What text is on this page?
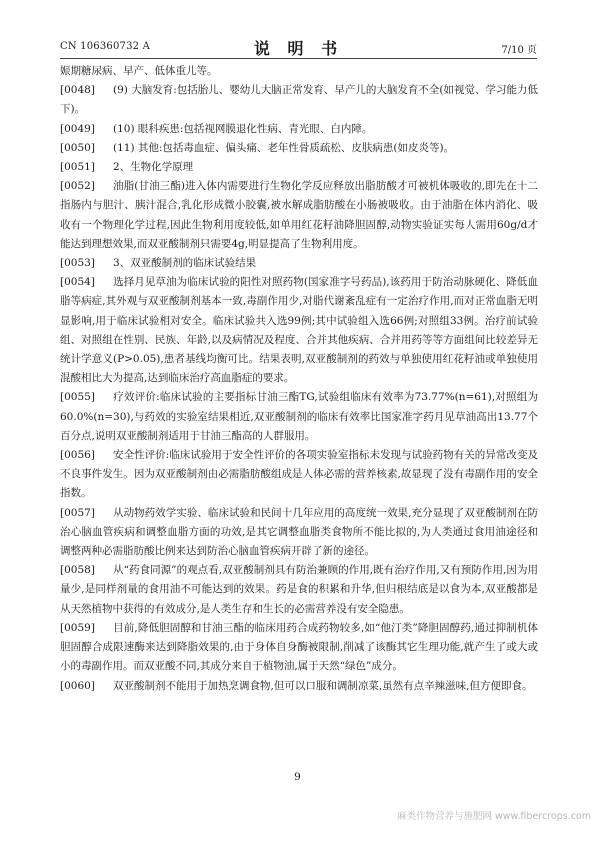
CN 106360732 A	说 明 书	7/10 页

娠期糖尿病、早产、低体重儿等。

[0048] (9) 大脑发育:包括胎儿、婴幼儿大脑正常发育、早产儿的大脑发育不全(如视觉、学习能力低下)。

[0049] (10) 眼科疾患:包括视网膜退化性病、青光眼、白内障。

[0050] (11) 其他:包括毒血症、偏头痛、老年性骨质疏松、皮肤病患(如皮炎等)。

[0051] 2、生物化学原理

[0052] 油脂(甘油三酯)进入体内需要进行生物化学反应释放出脂肪酸才可被机体吸收的,即先在十二指肠内与胆汁、胰汁混合,乳化形成微小胶囊,被水解成脂肪酸在小肠被吸收。由于油脂在体内消化、吸收有一个物理化学过程,因此生物利用度较低,如单用红花籽油降胆固醇,动物实验证实每人需用60g/d才能达到理想效果,而双亚酸制剂只需要4g,明显提高了生物利用度。

[0053] 3、双亚酸制剂的临床试验结果

[0054] 选择月见草油为临床试验的阳性对照药物(国家准字号药品),该药用于防治动脉硬化、降低血脂等病症,其外观与双亚酸制剂基本一致,毒副作用少,对脂代谢紊乱症有一定治疗作用,而对正常血脂无明显影响,用于临床试验相对安全。临床试验共入选99例;其中试验组入选66例;对照组33例。治疗前试验组、对照组在性别、民族、年龄,以及病情况及程度、合并其他疾病、合并用药等等方面组间比较差异无统计学意义(P>0.05),患者基线均衡可比。结果表明,双亚酸制剂的药效与单独使用红花籽油或单独使用混酸相比大为提高,达到临床治疗高血脂症的要求。

[0055] 疗效评价:临床试验的主要指标甘油三酯TG,试验组临床有效率为73.77%(n=61),对照组为60.0%(n=30),与药效的实验室结果相近,双亚酸制剂的临床有效率比国家准字药月见草油高出13.77个百分点,说明双亚酸制剂适用于甘油三酯高的人群服用。

[0056] 安全性评价:临床试验用于安全性评价的各项实验室指标未发现与试验药物有关的异常改变及不良事件发生。因为双亚酸制剂由必需脂肪酸组成是人体必需的营养核素,故显现了没有毒副作用的安全指数。

[0057] 从动物药效学实验、临床试验和民间十几年应用的高度统一效果,充分显现了双亚酸制剂在防治心脑血管疾病和调整血脂方面的功效,是其它调整血脂类食物所不能比拟的,为人类通过食用油途径和调整两种必需脂肪酸比例来达到防治心脑血管疾病开辟了新的途径。

[0058] 从“药食同源”的观点看,双亚酸制剂具有防治兼顾的作用,既有治疗作用,又有预防作用,因为用量少,是同样剂量的食用油不可能达到的效果。药是食的积累和升华,但归根结底是以食为本,双亚酸都是从天然植物中获得的有效成分,是人类生存和生长的必需营养没有安全隐患。

[0059] 目前,降低胆固醇和甘油三酯的临床用药合成药物较多,如“他汀类”降胆固醇药,通过抑制机体胆固醇合成限速酶来达到降脂效果的,由于身体自身酶被限制,削减了该酶其它生理功能,就产生了或大或小的毒副作用。而双亚酸不同,其成分来自于植物油,属于天然“绿色”成分。

[0060] 双亚酸制剂不能用于加热烹调食物,但可以口服和调制凉菜,虽然有点辛辣滋味,但方便即食。

9
麻类作物营养与施肥网 www.fibercrops.com
